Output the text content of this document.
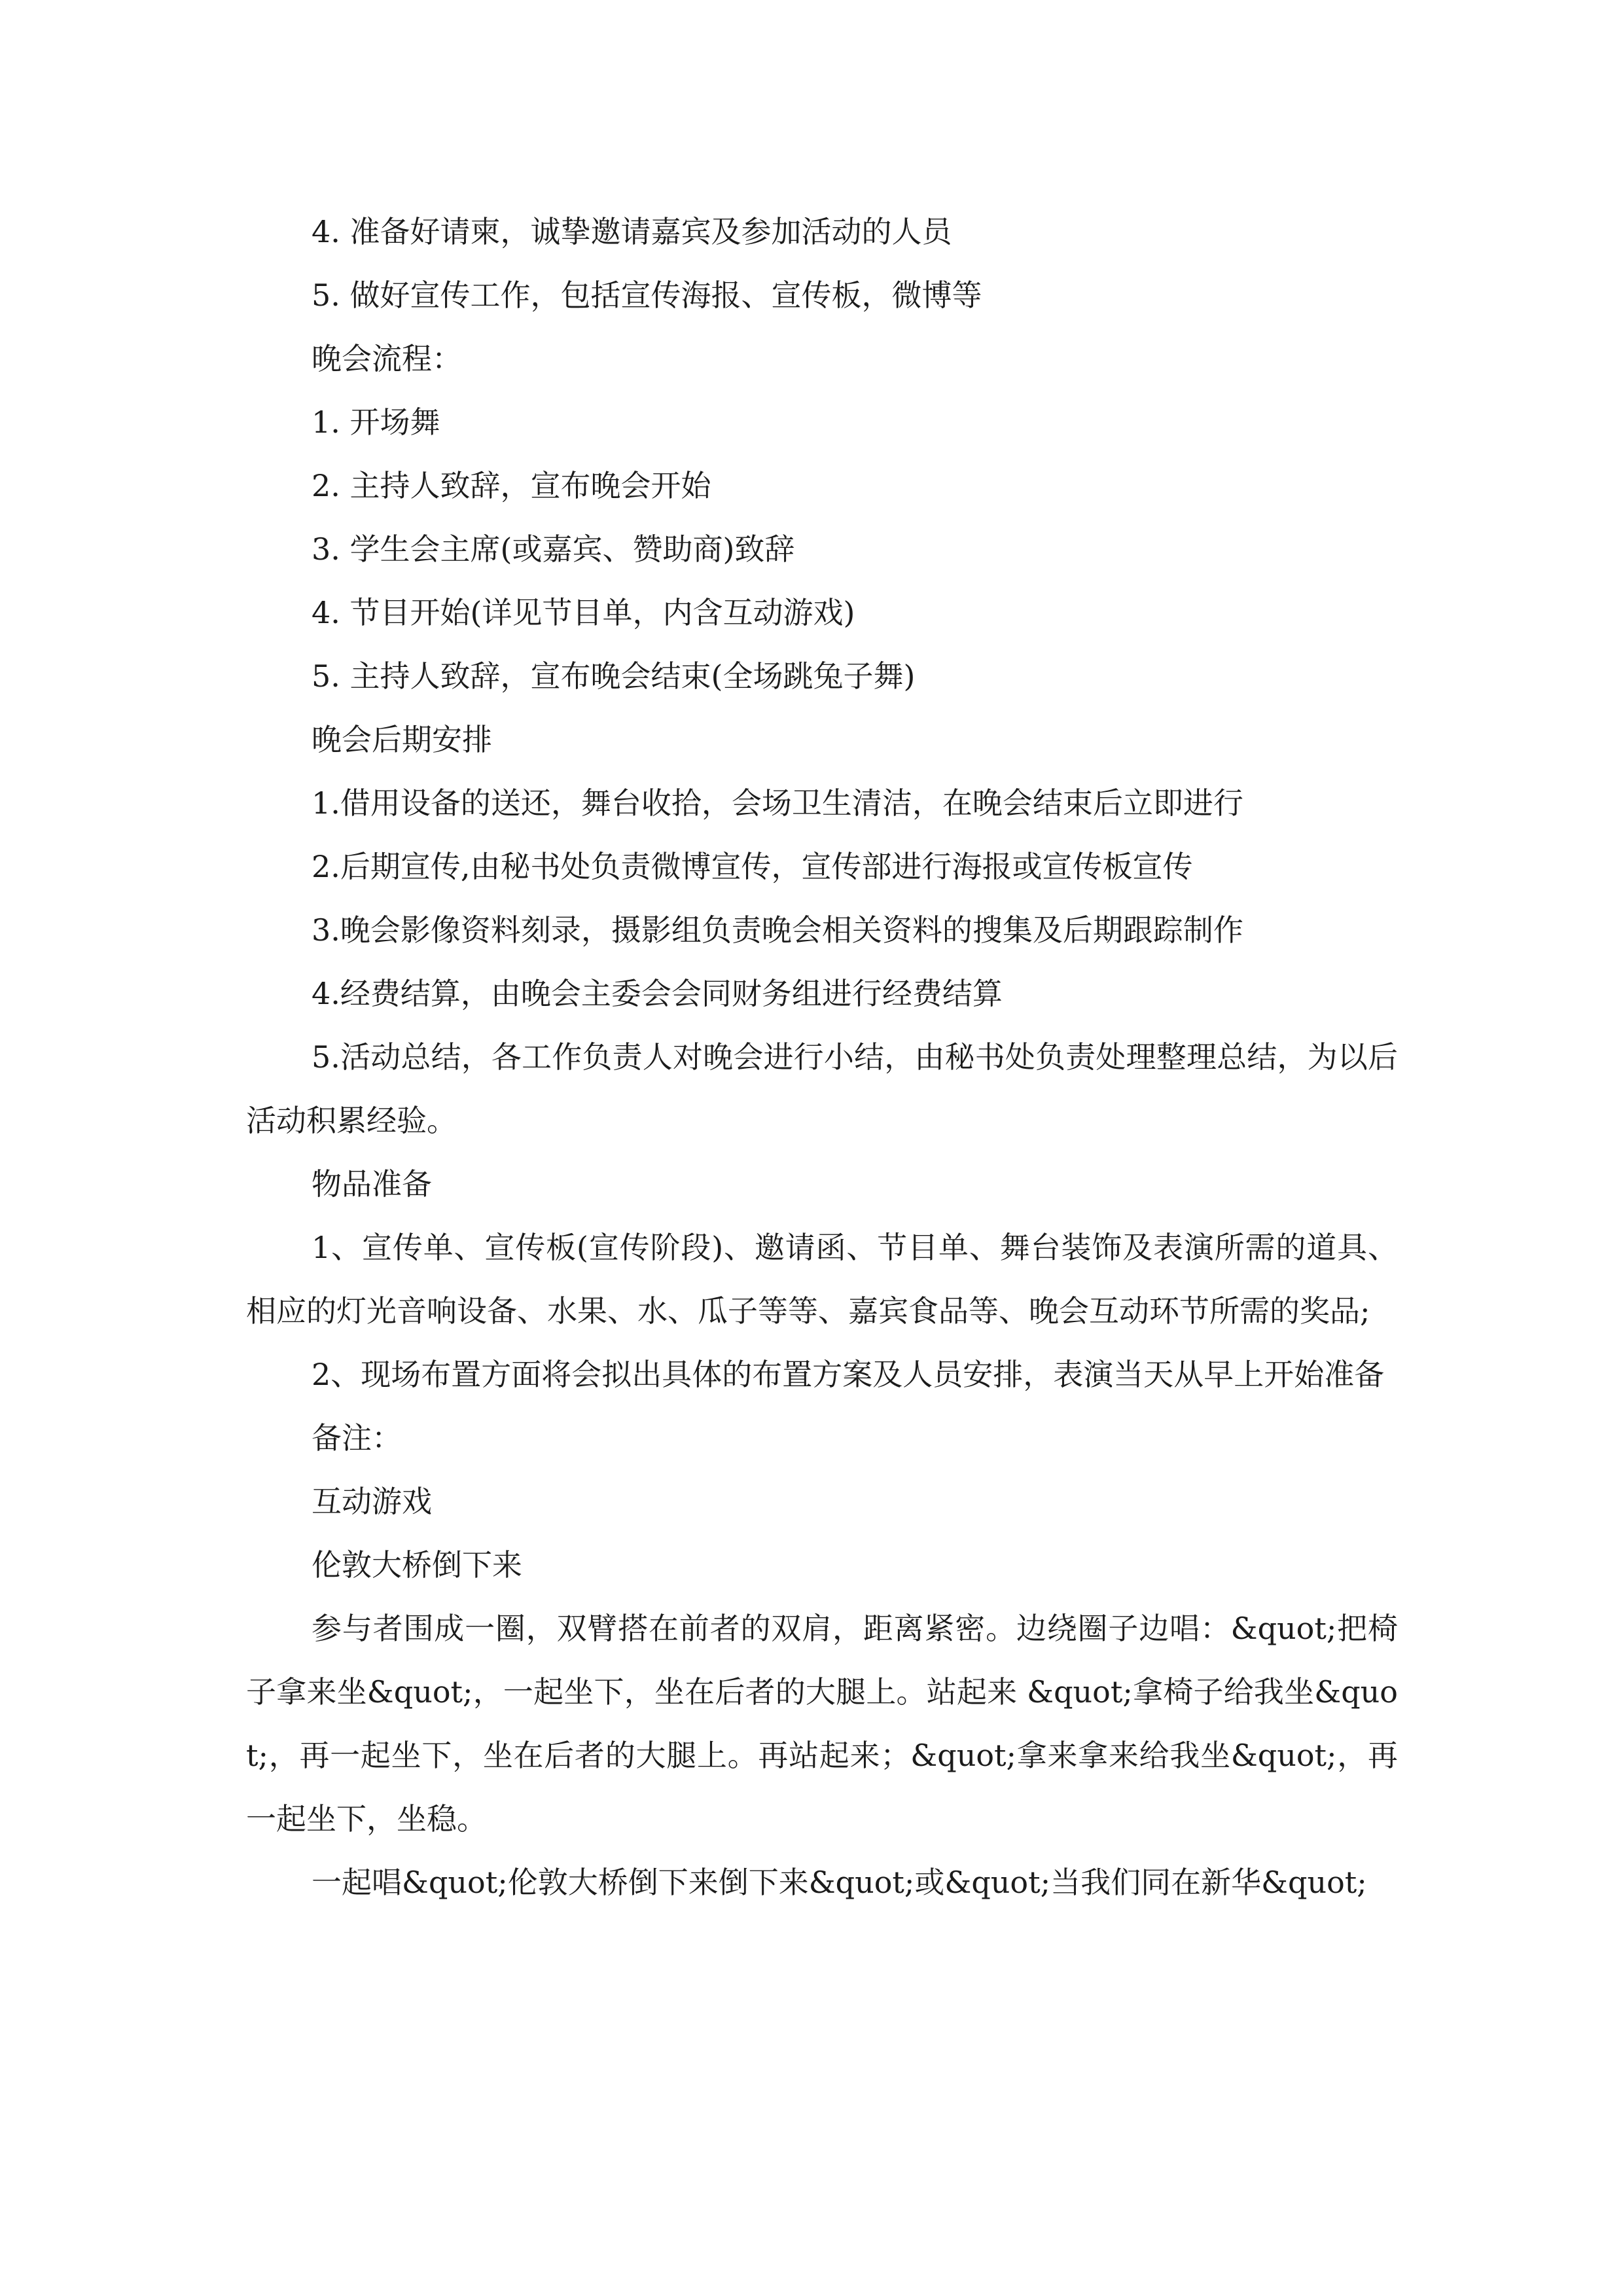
4. 准备好请柬，诚挚邀请嘉宾及参加活动的人员

5. 做好宣传工作，包括宣传海报、宣传板，微博等

晚会流程：

1. 开场舞

2. 主持人致辞，宣布晚会开始

3. 学生会主席(或嘉宾、赞助商)致辞

4. 节目开始(详见节目单，内含互动游戏)

5. 主持人致辞，宣布晚会结束(全场跳兔子舞)

晚会后期安排

1.借用设备的送还，舞台收拾，会场卫生清洁，在晚会结束后立即进行

2.后期宣传,由秘书处负责微博宣传，宣传部进行海报或宣传板宣传

3.晚会影像资料刻录，摄影组负责晚会相关资料的搜集及后期跟踪制作

4.经费结算，由晚会主委会会同财务组进行经费结算

5.活动总结，各工作负责人对晚会进行小结，由秘书处负责处理整理总结，为以后活动积累经验。

物品准备

1、宣传单、宣传板(宣传阶段)、邀请函、节目单、舞台装饰及表演所需的道具、相应的灯光音响设备、水果、水、瓜子等等、嘉宾食品等、晚会互动环节所需的奖品;

2、现场布置方面将会拟出具体的布置方案及人员安排，表演当天从早上开始准备

备注：

互动游戏

伦敦大桥倒下来

参与者围成一圈，双臂搭在前者的双肩，距离紧密。边绕圈子边唱：&quot;把椅子拿来坐&quot;，一起坐下，坐在后者的大腿上。站起来 &quot;拿椅子给我坐&quot;，再一起坐下，坐在后者的大腿上。再站起来；&quot;拿来拿来给我坐&quot;，再一起坐下，坐稳。

一起唱&quot;伦敦大桥倒下来倒下来&quot;或&quot;当我们同在新华&quot;
